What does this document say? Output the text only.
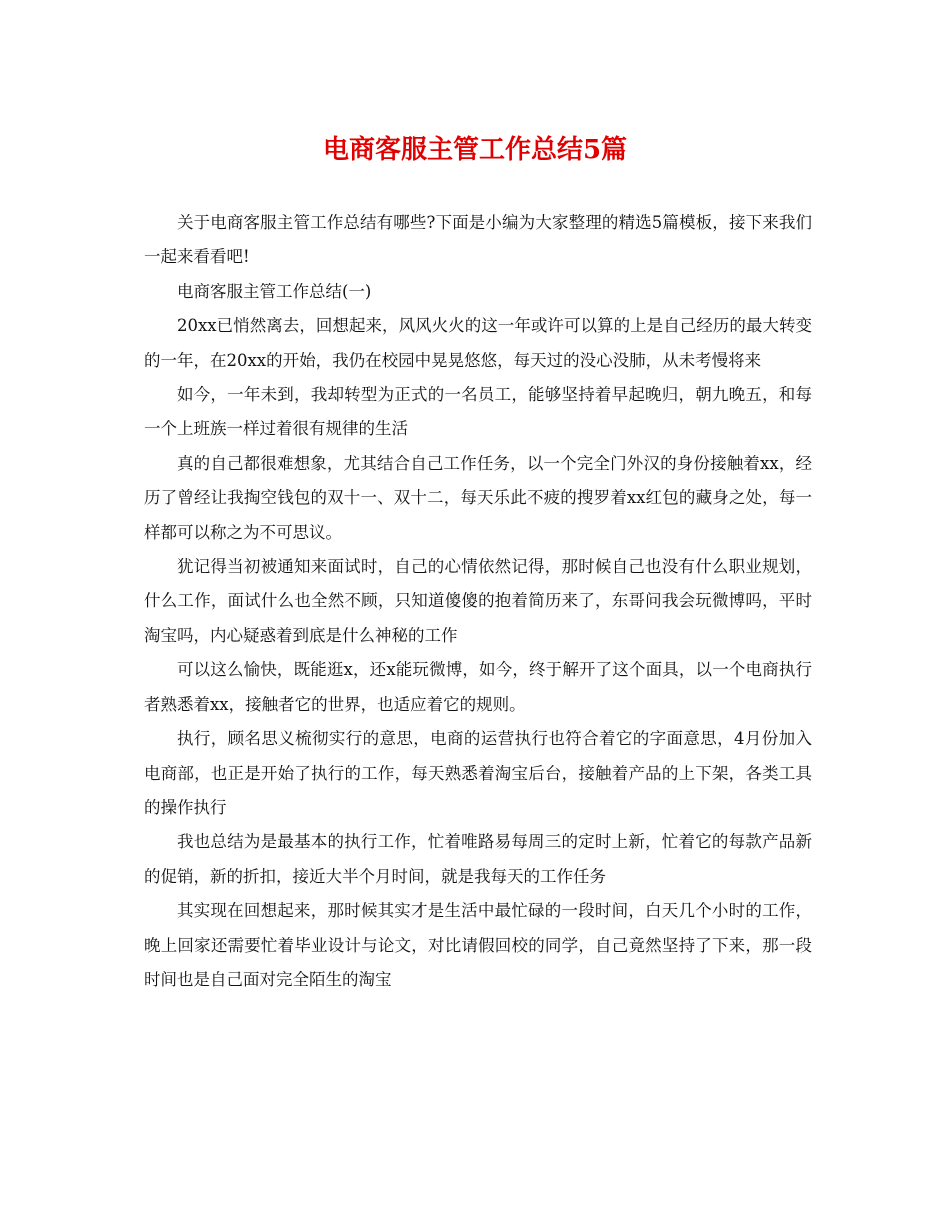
电商客服主管工作总结5篇

关于电商客服主管工作总结有哪些?下面是小编为大家整理的精选5篇模板，接下来我们一起来看看吧!

电商客服主管工作总结(一)

20xx已悄然离去，回想起来，风风火火的这一年或许可以算的上是自己经历的最大转变的一年，在20xx的开始，我仍在校园中晃晃悠悠，每天过的没心没肺，从未考慢将来

如今，一年未到，我却转型为正式的一名员工，能够坚持着早起晚归，朝九晚五，和每一个上班族一样过着很有规律的生活

真的自己都很难想象，尤其结合自己工作任务，以一个完全门外汉的身份接触着xx，经历了曾经让我掏空钱包的双十一、双十二，每天乐此不疲的搜罗着xx红包的藏身之处，每一样都可以称之为不可思议。

犹记得当初被通知来面试时，自己的心情依然记得，那时候自己也没有什么职业规划，什么工作，面试什么也全然不顾，只知道傻傻的抱着简历来了，东哥问我会玩微博吗，平时淘宝吗，内心疑惑着到底是什么神秘的工作

可以这么愉快，既能逛x，还x能玩微博，如今，终于解开了这个面具，以一个电商执行者熟悉着xx，接触者它的世界，也适应着它的规则。

执行，顾名思义梳彻实行的意思，电商的运营执行也符合着它的字面意思，4月份加入电商部，也正是开始了执行的工作，每天熟悉着淘宝后台，接触着产品的上下架，各类工具的操作执行

我也总结为是最基本的执行工作，忙着唯路易每周三的定时上新，忙着它的每款产品新的促销，新的折扣，接近大半个月时间，就是我每天的工作任务

其实现在回想起来，那时候其实才是生活中最忙碌的一段时间，白天几个小时的工作，晚上回家还需要忙着毕业设计与论文，对比请假回校的同学，自己竟然坚持了下来，那一段时间也是自己面对完全陌生的淘宝
